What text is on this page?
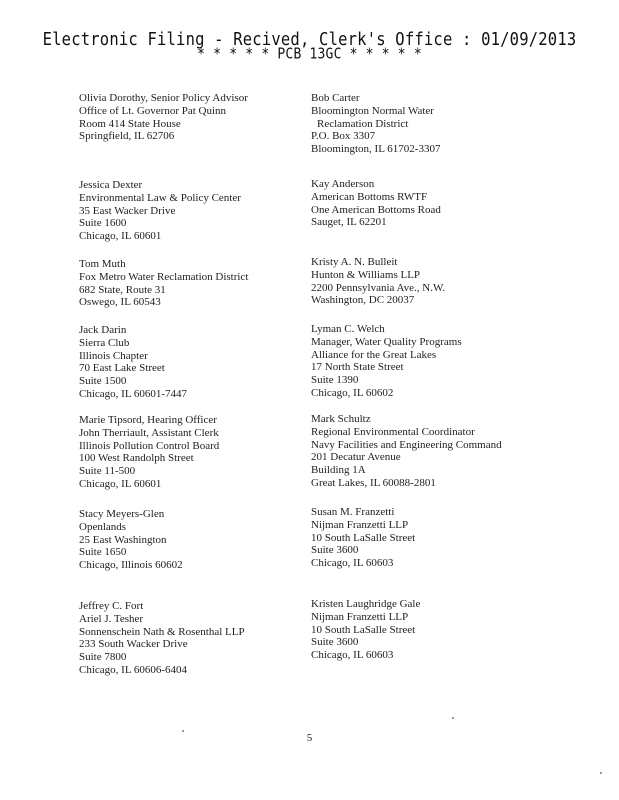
Electronic Filing - Recived, Clerk's Office : 01/09/2013
* * * * * PCB 13GC * * * * *
Olivia Dorothy, Senior Policy Advisor
Office of Lt. Governor Pat Quinn
Room 414 State House
Springfield, IL 62706
Jessica Dexter
Environmental Law & Policy Center
35 East Wacker Drive
Suite 1600
Chicago, IL 60601
Tom Muth
Fox Metro Water Reclamation District
682 State, Route 31
Oswego, IL 60543
Jack Darin
Sierra Club
Illinois Chapter
70 East Lake Street
Suite 1500
Chicago, IL 60601-7447
Marie Tipsord, Hearing Officer
John Therriault, Assistant Clerk
Illinois Pollution Control Board
100 West Randolph Street
Suite 11-500
Chicago, IL 60601
Stacy Meyers-Glen
Openlands
25 East Washington
Suite 1650
Chicago, Illinois 60602
Jeffrey C. Fort
Ariel J. Tesher
Sonnenschein Nath & Rosenthal LLP
233 South Wacker Drive
Suite 7800
Chicago, IL 60606-6404
Bob Carter
Bloomington Normal Water
Reclamation District
P.O. Box 3307
Bloomington, IL 61702-3307
Kay Anderson
American Bottoms RWTF
One American Bottoms Road
Sauget, IL 62201
Kristy A. N. Bulleit
Hunton & Williams LLP
2200 Pennsylvania Ave., N.W.
Washington, DC 20037
Lyman C. Welch
Manager, Water Quality Programs
Alliance for the Great Lakes
17 North State Street
Suite 1390
Chicago, IL 60602
Mark Schultz
Regional Environmental Coordinator
Navy Facilities and Engineering Command
201 Decatur Avenue
Building 1A
Great Lakes, IL 60088-2801
Susan M. Franzetti
Nijman Franzetti LLP
10 South LaSalle Street
Suite 3600
Chicago, IL 60603
Kristen Laughridge Gale
Nijman Franzetti LLP
10 South LaSalle Street
Suite 3600
Chicago, IL 60603
5
